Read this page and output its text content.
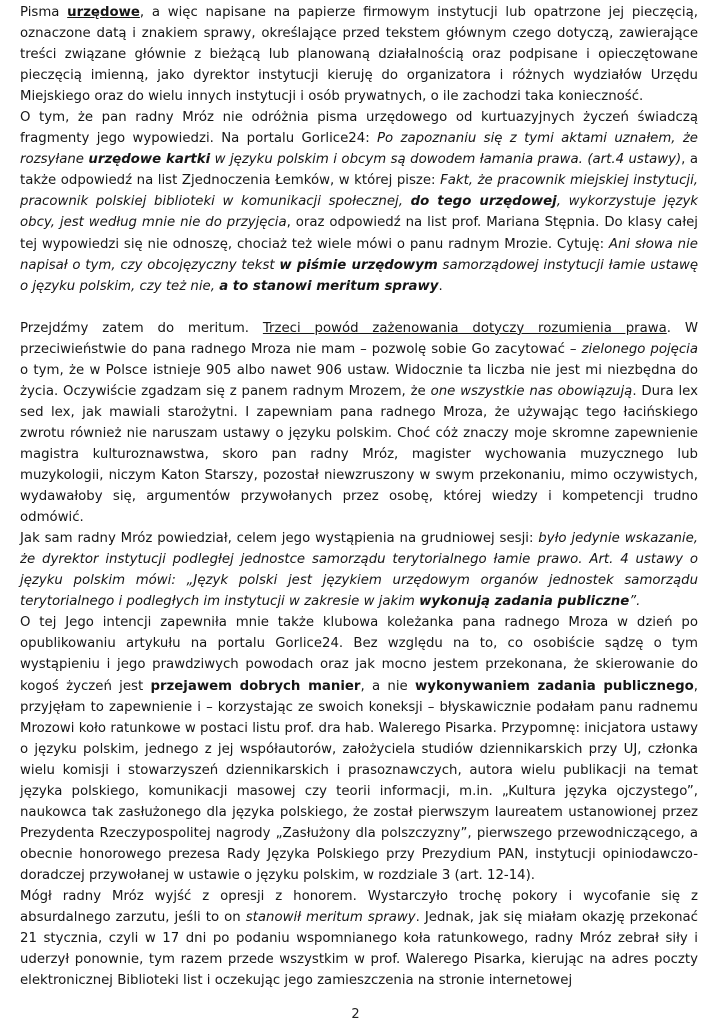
Pisma urzędowe, a więc napisane na papierze firmowym instytucji lub opatrzone jej pieczęcią, oznaczone datą i znakiem sprawy, określające przed tekstem głównym czego dotyczą, zawierające treści związane głównie z bieżącą lub planowaną działalnością oraz podpisane i opieczętowane pieczęcią imienną, jako dyrektor instytucji kieruję do organizatora i różnych wydziałów Urzędu Miejskiego oraz do wielu innych instytucji i osób prywatnych, o ile zachodzi taka konieczność.

O tym, że pan radny Mróz nie odróżnia pisma urzędowego od kurtuazyjnych życzeń świadczą fragmenty jego wypowiedzi. Na portalu Gorlice24: Po zapoznaniu się z tymi aktami uznałem, że rozsyłane urzędowe kartki w języku polskim i obcym są dowodem łamania prawa. (art.4 ustawy), a także odpowiedź na list Zjednoczenia Łemków, w której pisze: Fakt, że pracownik miejskiej instytucji, pracownik polskiej biblioteki w komunikacji społecznej, do tego urzędowej, wykorzystuje język obcy, jest według mnie nie do przyjęcia, oraz odpowiedź na list prof. Mariana Stępnia. Do klasy całej tej wypowiedzi się nie odnoszę, chociaż też wiele mówi o panu radnym Mrozie. Cytuję: Ani słowa nie napisał o tym, czy obcojęzyczny tekst w piśmie urzędowym samorządowej instytucji łamie ustawę o języku polskim, czy też nie, a to stanowi meritum sprawy.

Przejdźmy zatem do meritum. Trzeci powód zażenowania dotyczy rozumienia prawa. W przeciwieństwie do pana radnego Mroza nie mam – pozwolę sobie Go zacytować – zielonego pojęcia o tym, że w Polsce istnieje 905 albo nawet 906 ustaw. Widocznie ta liczba nie jest mi niezbędna do życia. Oczywiście zgadzam się z panem radnym Mrozem, że one wszystkie nas obowiązują. Dura lex sed lex, jak mawiali starożytni. I zapewniam pana radnego Mroza, że używając tego łacińskiego zwrotu również nie naruszam ustawy o języku polskim. Choć cóż znaczy moje skromne zapewnienie magistra kulturoznawstwa, skoro pan radny Mróz, magister wychowania muzycznego lub muzykologii, niczym Katon Starszy, pozostał niewzruszony w swym przekonaniu, mimo oczywistych, wydawałoby się, argumentów przywołanych przez osobę, której wiedzy i kompetencji trudno odmówić.

Jak sam radny Mróz powiedział, celem jego wystąpienia na grudniowej sesji: było jedynie wskazanie, że dyrektor instytucji podległej jednostce samorządu terytorialnego łamie prawo. Art. 4 ustawy o języku polskim mówi: „Język polski jest językiem urzędowym organów jednostek samorządu terytorialnego i podległych im instytucji w zakresie w jakim wykonują zadania publiczne”.

O tej Jego intencji zapewniła mnie także klubowa koleżanka pana radnego Mroza w dzień po opublikowaniu artykułu na portalu Gorlice24. Bez względu na to, co osobiście sądzę o tym wystąpieniu i jego prawdziwych powodach oraz jak mocno jestem przekonana, że skierowanie do kogoś życzeń jest przejawem dobrych manier, a nie wykonywaniem zadania publicznego, przyjęłam to zapewnienie i – korzystając ze swoich koneksji – błyskawicznie podałam panu radnemu Mrozowi koło ratunkowe w postaci listu prof. dra hab. Walerego Pisarka. Przypomnę: inicjatora ustawy o języku polskim, jednego z jej współautorów, założyciela studiów dziennikarskich przy UJ, członka wielu komisji i stowarzyszeń dziennikarskich i prasoznawczych, autora wielu publikacji na temat języka polskiego, komunikacji masowej czy teorii informacji, m.in. „Kultura języka ojczystego”, naukowca tak zasłużonego dla języka polskiego, że został pierwszym laureatem ustanowionej przez Prezydenta Rzeczypospolitej nagrody „Zasłużony dla polszczyzny”, pierwszego przewodniczącego, a obecnie honorowego prezesa Rady Języka Polskiego przy Prezydium PAN, instytucji opiniodawczo-doradczej przywołanej w ustawie o języku polskim, w rozdziale 3 (art. 12-14).

Mógł radny Mróz wyjść z opresji z honorem. Wystarczyło trochę pokory i wycofanie się z absurdalnego zarzutu, jeśli to on stanowił meritum sprawy. Jednak, jak się miałam okazję przekonać 21 stycznia, czyli w 17 dni po podaniu wspomnianego koła ratunkowego, radny Mróz zebrał siły i uderzył ponownie, tym razem przede wszystkim w prof. Walerego Pisarka, kierując na adres poczty elektronicznej Biblioteki list i oczekując jego zamieszczenia na stronie internetowej

2
